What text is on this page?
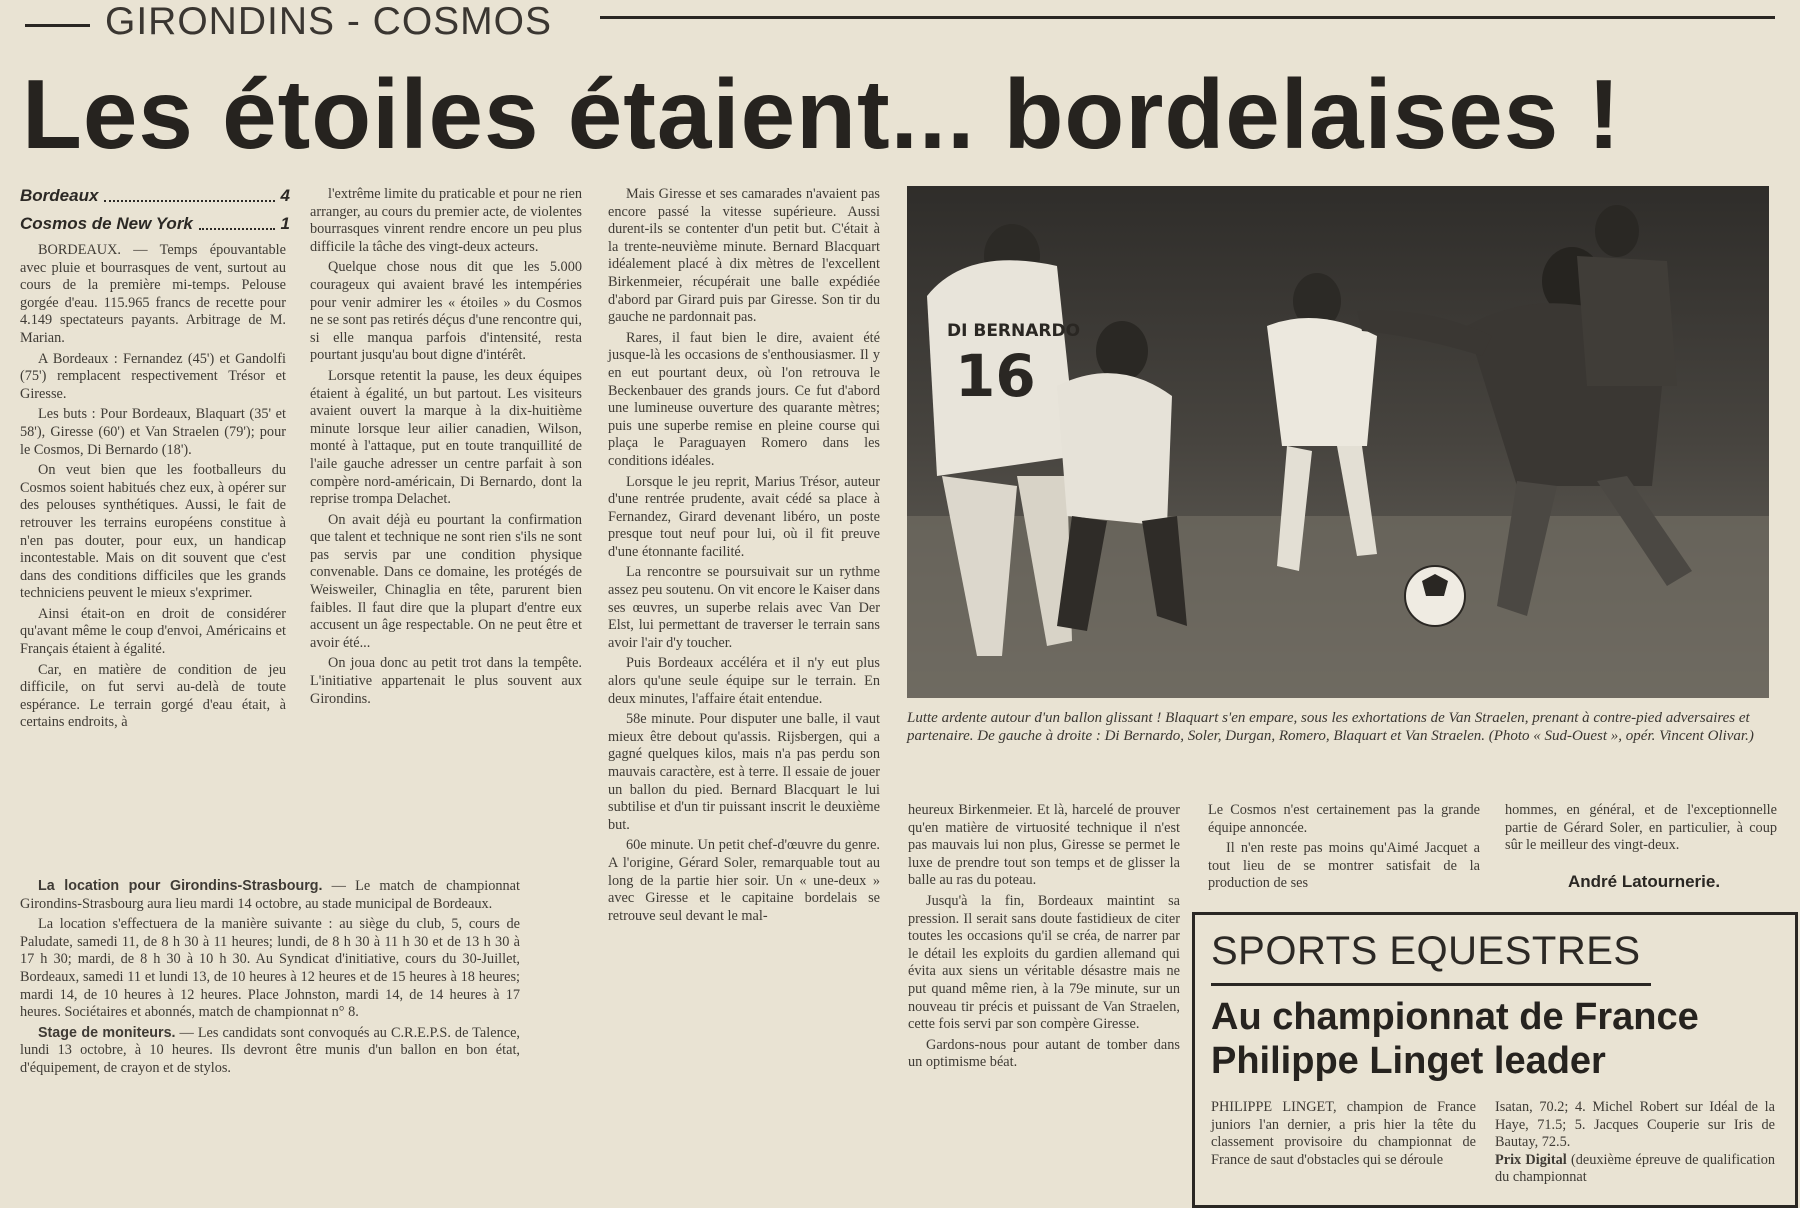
GIRONDINS - COSMOS
Les étoiles étaient... bordelaises !
Bordeaux	4
Cosmos de New York	1

BORDEAUX. — Temps épouvantable avec pluie et bourrasques de vent, surtout au cours de la première mi-temps. Pelouse gorgée d'eau. 115.965 francs de recette pour 4.149 spectateurs payants. Arbitrage de M. Marian.

A Bordeaux : Fernandez (45') et Gandolfi (75') remplacent respectivement Trésor et Giresse.

Les buts : Pour Bordeaux, Blaquart (35' et 58'), Giresse (60') et Van Straelen (79'); pour le Cosmos, Di Bernardo (18').

On veut bien que les footballeurs du Cosmos soient habitués chez eux, à opérer sur des pelouses synthétiques. Aussi, le fait de retrouver les terrains européens constitue à n'en pas douter, pour eux, un handicap incontestable. Mais on dit souvent que c'est dans des conditions difficiles que les grands techniciens peuvent le mieux s'exprimer.

Ainsi était-on en droit de considérer qu'avant même le coup d'envoi, Américains et Français étaient à égalité.

Car, en matière de condition de jeu difficile, on fut servi au-delà de toute espérance. Le terrain gorgé d'eau était, à certains endroits, à

l'extrême limite du praticable et pour ne rien arranger, au cours du premier acte, de violentes bourrasques vinrent rendre encore un peu plus difficile la tâche des vingt-deux acteurs.

Quelque chose nous dit que les 5.000 courageux qui avaient bravé les intempéries pour venir admirer les « étoiles » du Cosmos ne se sont pas retirés déçus d'une rencontre qui, si elle manqua parfois d'intensité, resta pourtant jusqu'au bout digne d'intérêt.

Lorsque retentit la pause, les deux équipes étaient à égalité, un but partout. Les visiteurs avaient ouvert la marque à la dix-huitième minute lorsque leur ailier canadien, Wilson, monté à l'attaque, put en toute tranquillité de l'aile gauche adresser un centre parfait à son compère nord-américain, Di Bernardo, dont la reprise trompa Delachet.

On avait déjà eu pourtant la confirmation que talent et technique ne sont rien s'ils ne sont pas servis par une condition physique convenable. Dans ce domaine, les protégés de Weisweiler, Chinaglia en tête, parurent bien faibles. Il faut dire que la plupart d'entre eux accusent un âge respectable. On ne peut être et avoir été...

On joua donc au petit trot dans la tempête. L'initiative appartenait le plus souvent aux Girondins.

Mais Giresse et ses camarades n'avaient pas encore passé la vitesse supérieure. Aussi durent-ils se contenter d'un petit but. C'était à la trente-neuvième minute. Bernard Blacquart idéalement placé à dix mètres de l'excellent Birkenmeier, récupérait une balle expédiée d'abord par Girard puis par Giresse. Son tir du gauche ne pardonnait pas.

Rares, il faut bien le dire, avaient été jusque-là les occasions de s'enthousiasmer. Il y en eut pourtant deux, où l'on retrouva le Beckenbauer des grands jours. Ce fut d'abord une lumineuse ouverture des quarante mètres; puis une superbe remise en pleine course qui plaça le Paraguayen Romero dans les conditions idéales.

Lorsque le jeu reprit, Marius Trésor, auteur d'une rentrée prudente, avait cédé sa place à Fernandez, Girard devenant libéro, un poste presque tout neuf pour lui, où il fit preuve d'une étonnante facilité.

La rencontre se poursuivait sur un rythme assez peu soutenu. On vit encore le Kaiser dans ses œuvres, un superbe relais avec Van Der Elst, lui permettant de traverser le terrain sans avoir l'air d'y toucher.

Puis Bordeaux accéléra et il n'y eut plus alors qu'une seule équipe sur le terrain. En deux minutes, l'affaire était entendue.

58e minute. Pour disputer une balle, il vaut mieux être debout qu'assis. Rijsbergen, qui a gagné quelques kilos, mais n'a pas perdu son mauvais caractère, est à terre. Il essaie de jouer un ballon du pied. Bernard Blacquart le lui subtilise et d'un tir puissant inscrit le deuxième but.

60e minute. Un petit chef-d'œuvre du genre. A l'origine, Gérard Soler, remarquable tout au long de la partie hier soir. Un « une-deux » avec Giresse et le capitaine bordelais se retrouve seul devant le mal-

DI BERNARDO
16
Lutte ardente autour d'un ballon glissant ! Blaquart s'en empare, sous les exhortations de Van Straelen, prenant à contre-pied adversaires et partenaire. De gauche à droite : Di Bernardo, Soler, Durgan, Romero, Blaquart et Van Straelen. (Photo « Sud-Ouest », opér. Vincent Olivar.)

heureux Birkenmeier. Et là, harcelé de prouver qu'en matière de virtuosité technique il n'est pas mauvais lui non plus, Giresse se permet le luxe de prendre tout son temps et de glisser la balle au ras du poteau.

Jusqu'à la fin, Bordeaux maintint sa pression. Il serait sans doute fastidieux de citer toutes les occasions qu'il se créa, de narrer par le détail les exploits du gardien allemand qui évita aux siens un véritable désastre mais ne put quand même rien, à la 79e minute, sur un nouveau tir précis et puissant de Van Straelen, cette fois servi par son compère Giresse.

Gardons-nous pour autant de tomber dans un optimisme béat.

Le Cosmos n'est certainement pas la grande équipe annoncée.

Il n'en reste pas moins qu'Aimé Jacquet a tout lieu de se montrer satisfait de la production de ses

hommes, en général, et de l'exceptionnelle partie de Gérard Soler, en particulier, à coup sûr le meilleur des vingt-deux.

André Latournerie.

La location pour Girondins-Strasbourg. — Le match de championnat Girondins-Strasbourg aura lieu mardi 14 octobre, au stade municipal de Bordeaux.

La location s'effectuera de la manière suivante : au siège du club, 5, cours de Paludate, samedi 11, de 8 h 30 à 11 heures; lundi, de 8 h 30 à 11 h 30 et de 13 h 30 à 17 h 30; mardi, de 8 h 30 à 10 h 30. Au Syndicat d'initiative, cours du 30-Juillet, Bordeaux, samedi 11 et lundi 13, de 10 heures à 12 heures et de 15 heures à 18 heures; mardi 14, de 10 heures à 12 heures. Place Johnston, mardi 14, de 14 heures à 17 heures. Sociétaires et abonnés, match de championnat n° 8.

Stage de moniteurs. — Les candidats sont convoqués au C.R.E.P.S. de Talence, lundi 13 octobre, à 10 heures. Ils devront être munis d'un ballon en bon état, d'équipement, de crayon et de stylos.

SPORTS EQUESTRES
Au championnat de France
Philippe Linget leader
PHILIPPE LINGET, champion de France juniors l'an dernier, a pris hier la tête du classement provisoire du championnat de France de saut d'obstacles qui se déroule
Isatan, 70.2; 4. Michel Robert sur Idéal de la Haye, 71.5; 5. Jacques Couperie sur Iris de Bautay, 72.5.
Prix Digital (deuxième épreuve de qualification du championnat
